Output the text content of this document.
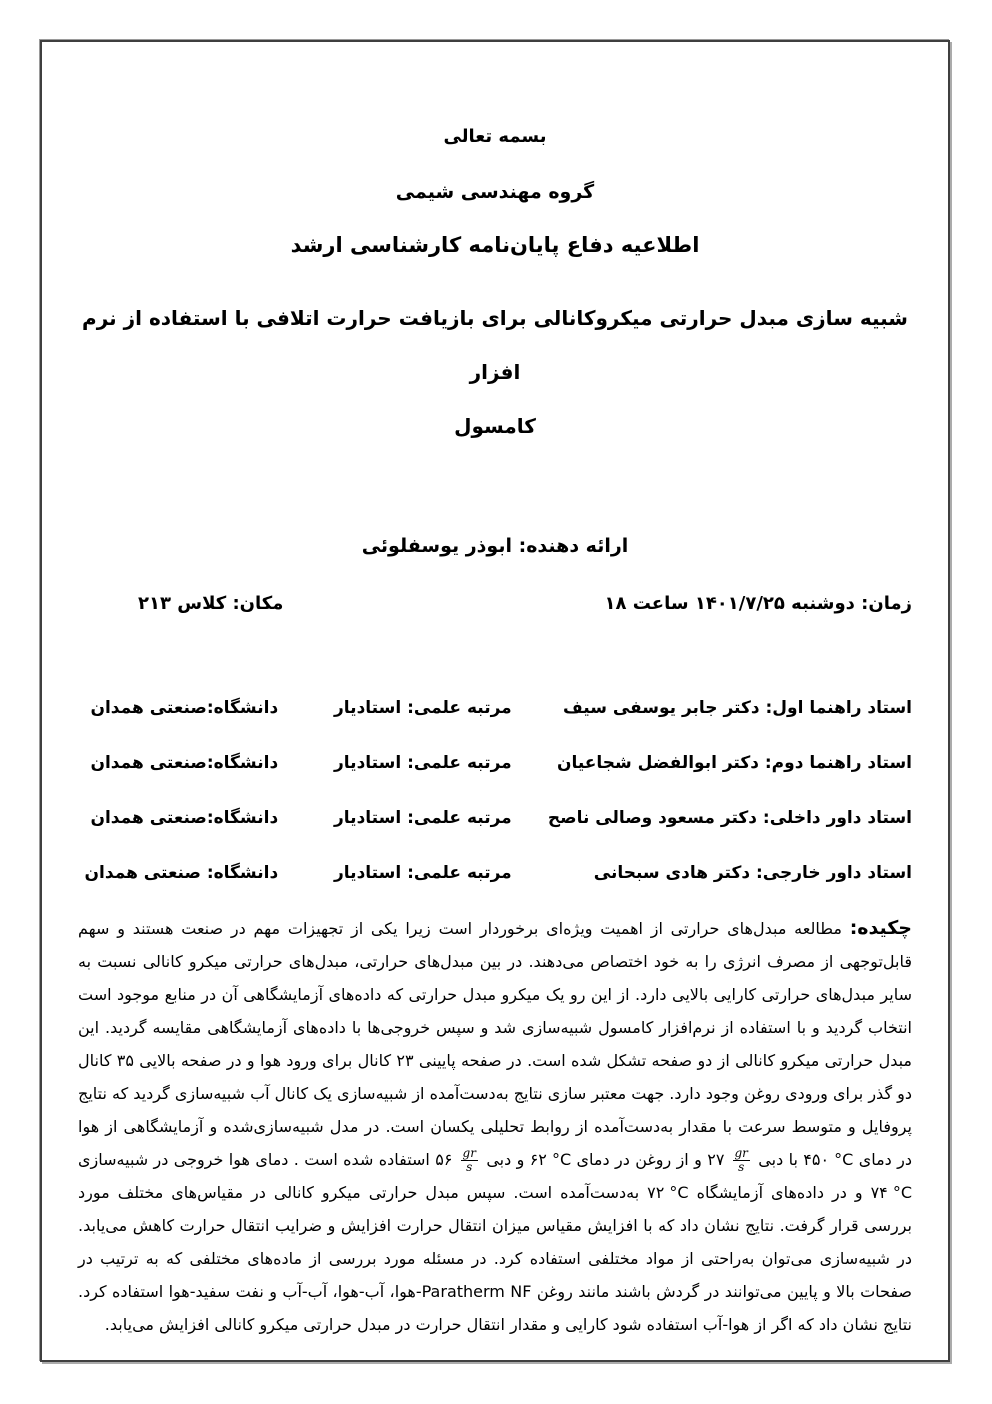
بسمه تعالی
گروه مهندسی شیمی
اطلاعیه دفاع پایان‌نامه کارشناسی ارشد
شبیه سازی مبدل حرارتی میکروکانالی برای بازیافت حرارت اتلافی با استفاده از نرم افزار
کامسول
ارائه دهنده: ابوذر یوسفلوئی
زمان: دوشنبه ۱۴۰۱/۷/۲۵ ساعت ۱۸
مکان: کلاس ۲۱۳
استاد راهنما اول: دکتر جابر یوسفی سیف
مرتبه علمی: استادیار
دانشگاه:صنعتی همدان
استاد راهنما دوم: دکتر ابوالفضل شجاعیان
مرتبه علمی: استادیار
دانشگاه:صنعتی همدان
استاد داور داخلی: دکتر مسعود وصالی ناصح
مرتبه علمی: استادیار
دانشگاه:صنعتی همدان
استاد داور خارجی: دکتر هادی سبحانی
مرتبه علمی: استادیار
دانشگاه: صنعتی همدان

چکیده: مطالعه مبدل‌های حرارتی از اهمیت ویژه‌ای برخوردار است زیرا یکی از تجهیزات مهم در صنعت هستند و سهم قابل‌توجهی از مصرف انرژی را به خود اختصاص می‌دهند. در بین مبدل‌های حرارتی، مبدل‌های حرارتی میکرو کانالی نسبت به سایر مبدل‌های حرارتی کارایی بالایی دارد. از این رو یک میکرو مبدل حرارتی که داده‌های آزمایشگاهی آن در منابع موجود است انتخاب گردید و با استفاده از نرم‌افزار کامسول شبیه‌سازی شد و سپس خروجی‌ها با داده‌های آزمایشگاهی مقایسه گردید. این مبدل حرارتی میکرو کانالی از دو صفحه تشکل شده است. در صفحه پایینی ۲۳ کانال برای ورود هوا و در صفحه بالایی ۳۵ کانال دو گذر برای ورودی روغن وجود دارد. جهت معتبر سازی نتایج به‌دست‌آمده از شبیه‌سازی یک کانال آب شبیه‌سازی گردید که نتایج پروفایل و متوسط سرعت با مقدار به‌دست‌آمده از روابط تحلیلی یکسان است. در مدل شبیه‌سازی‌شده و آزمایشگاهی از هوا در دمای ۴۵۰ °C با دبی ۲۷ $\frac{gr}{s}$
و از روغن در دمای ۶۲ °C و دبی ۵۶ $\frac{gr}{s}$
استفاده شده است . دمای هوا خروجی در شبیه‌سازی ۷۴ °C و در داده‌های آزمایشگاه ۷۲ °C به‌دست‌آمده است. سپس مبدل حرارتی میکرو کانالی در مقیاس‌های مختلف مورد بررسی قرار گرفت. نتایج نشان داد که با افزایش مقیاس میزان انتقال حرارت افزایش و ضرایب انتقال حرارت کاهش می‌یابد. در شبیه‌سازی می‌توان به‌راحتی از مواد مختلفی استفاده کرد. در مسئله مورد بررسی از ماده‌های مختلفی که به ترتیب در صفحات بالا و پایین می‌توانند در گردش باشند مانند روغن Paratherm NF-هوا، آب-هوا، آب-آب و نفت سفید-هوا استفاده کرد. نتایج نشان داد که اگر از هوا-آب استفاده شود کارایی و مقدار انتقال حرارت در مبدل حرارتی میکرو کانالی افزایش می‌یابد.
